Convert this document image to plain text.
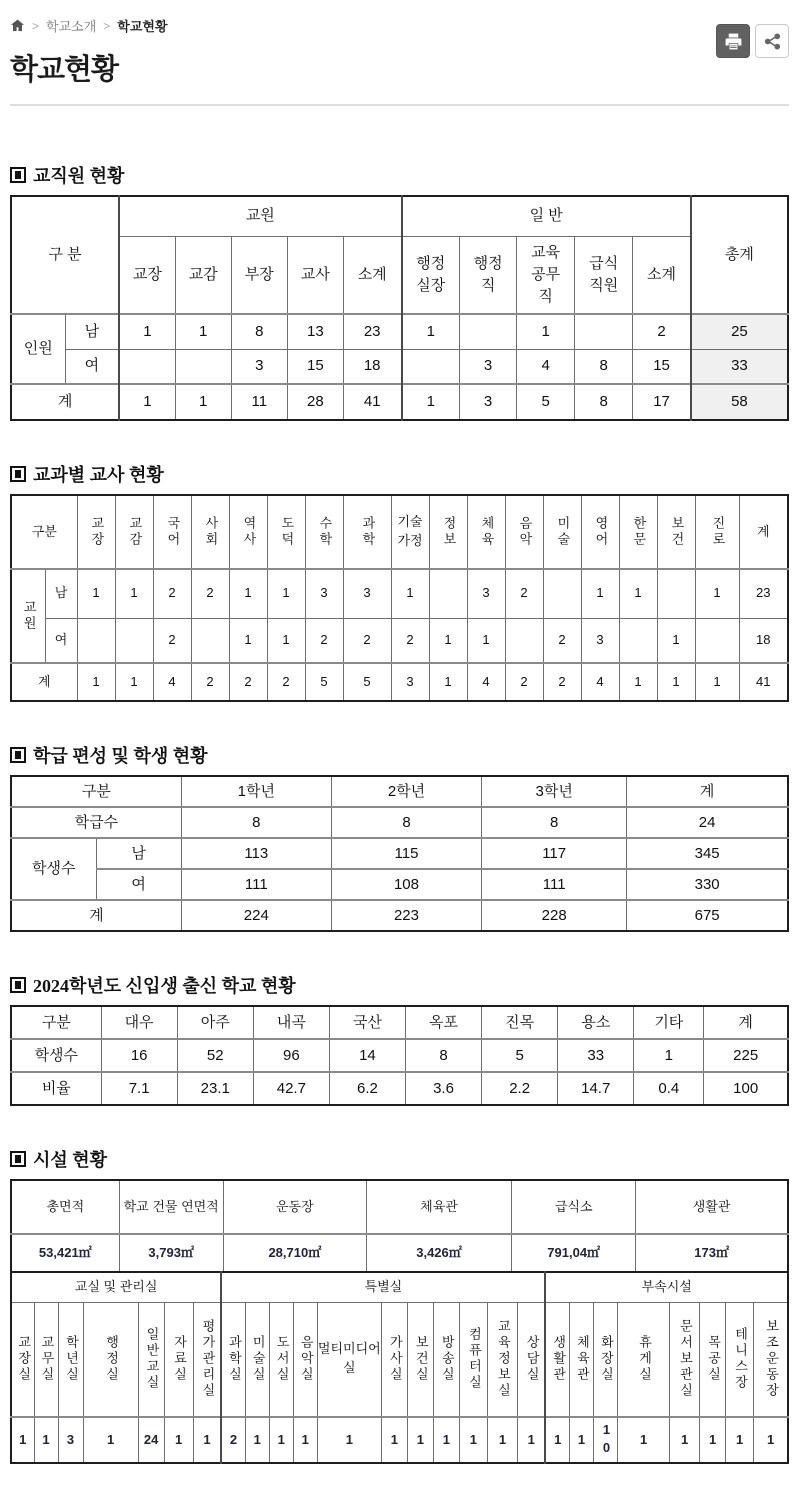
> 학교소개 > 학교현황
학교현황
교직원 현황
구 분		교원					일 반					총계
		교장	교감	부장	교사	소계	행정실장	행정직	교육공무직	급식직원	소계	
인원	남	1	1	8	13	23	1		1		2	25
	여			3	15	18		3	4	8	15	33
계		1	1	11	28	41	1	3	5	8	17	58
교과별 교사 현황
구분		교장	교감	국어	사회	역사	도덕	수학	과학	기술가정	정보	체육	음악	미술	영어	한문	보건	진로	계
교원	남	1	1	2	2	1	1	3	3	1		3	2		1	1		1	23
	여			2		1	1	2	2	2	1	1		2	3		1		18
계		1	1	4	2	2	2	5	5	3	1	4	2	2	4	1	1	1	41
학급 편성 및 학생 현황
구분		1학년	2학년	3학년	계
학급수		8	8	8	24
학생수	남	113	115	117	345
	여	111	108	111	330
계		224	223	228	675
2024학년도 신입생 출신 학교 현황
구분	대우	아주	내곡	국산	옥포	진목	용소	기타	계
학생수	16	52	96	14	8	5	33	1	225
비율	7.1	23.1	42.7	6.2	3.6	2.2	14.7	0.4	100
시설 현황
총면적	학교 건물 연면적	운동장	체육관	급식소	생활관
53,421㎡	3,793㎡	28,710㎡	3,426㎡	791,04㎡	173㎡
교실 및 관리실							특별실											부속시설							
교장실	교무실	학년실	행정실	일반교실	자료실	평가관리실	과학실	미술실	도서실	음악실	멀티미디어실	가사실	보건실	방송실	컴퓨터실	교육정보실	상담실	생활관	체육관	화장실	휴게실	문서보관실	목공실	테니스장	보조운동장
1	1	3	1	24	1	1	2	1	1	1	1	1	1	1	1	1	1	1	1	10	1	1	1	1	1
